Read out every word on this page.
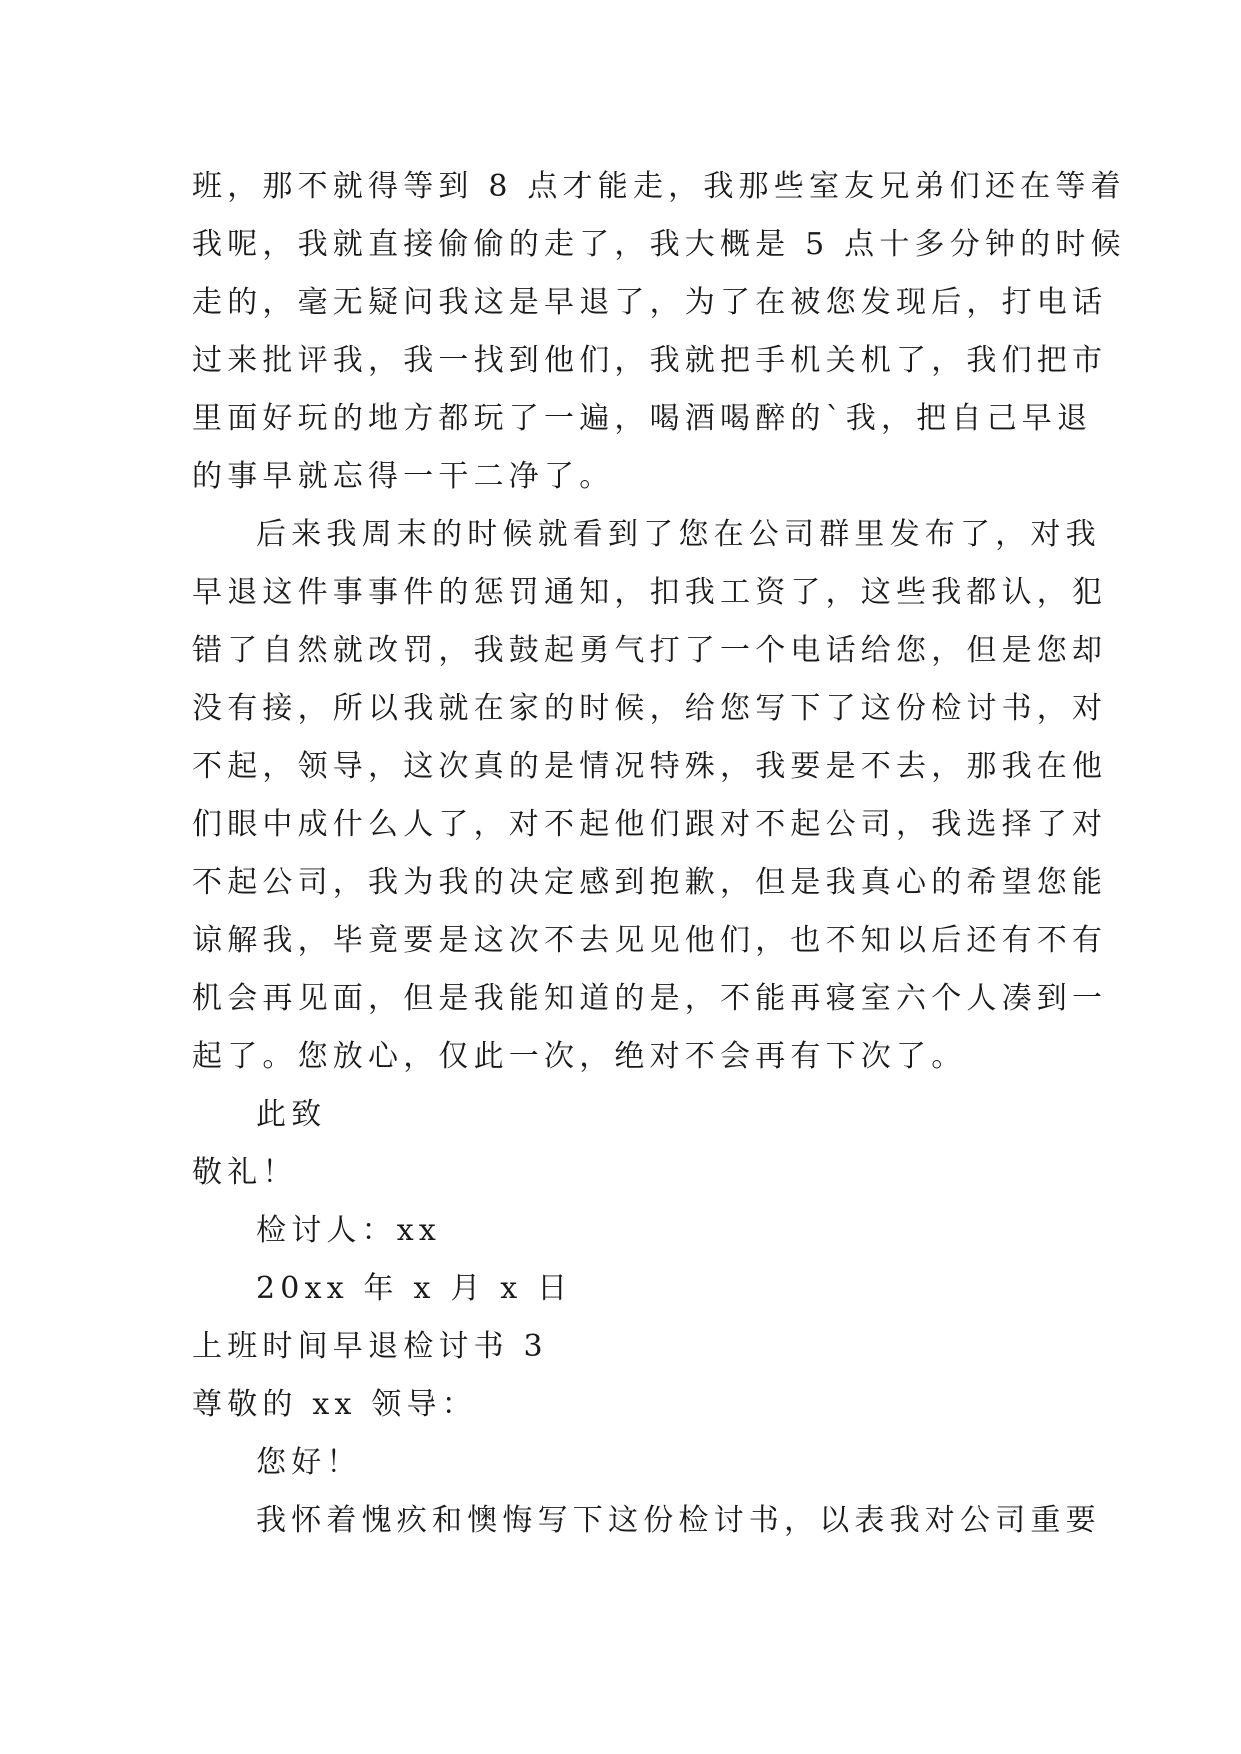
班，那不就得等到 8 点才能走，我那些室友兄弟们还在等着
我呢，我就直接偷偷的走了，我大概是 5 点十多分钟的时候
走的，毫无疑问我这是早退了，为了在被您发现后，打电话
过来批评我，我一找到他们，我就把手机关机了，我们把市
里面好玩的地方都玩了一遍，喝酒喝醉的`我，把自己早退
的事早就忘得一干二净了。
后来我周末的时候就看到了您在公司群里发布了，对我
早退这件事事件的惩罚通知，扣我工资了，这些我都认，犯
错了自然就改罚，我鼓起勇气打了一个电话给您，但是您却
没有接，所以我就在家的时候，给您写下了这份检讨书，对
不起，领导，这次真的是情况特殊，我要是不去，那我在他
们眼中成什么人了，对不起他们跟对不起公司，我选择了对
不起公司，我为我的决定感到抱歉，但是我真心的希望您能
谅解我，毕竟要是这次不去见见他们，也不知以后还有不有
机会再见面，但是我能知道的是，不能再寝室六个人凑到一
起了。您放心，仅此一次，绝对不会再有下次了。
此致
敬礼！
检讨人：xx
20xx 年 x 月 x 日
上班时间早退检讨书 3
尊敬的 xx 领导：
您好！
我怀着愧疚和懊悔写下这份检讨书，以表我对公司重要
